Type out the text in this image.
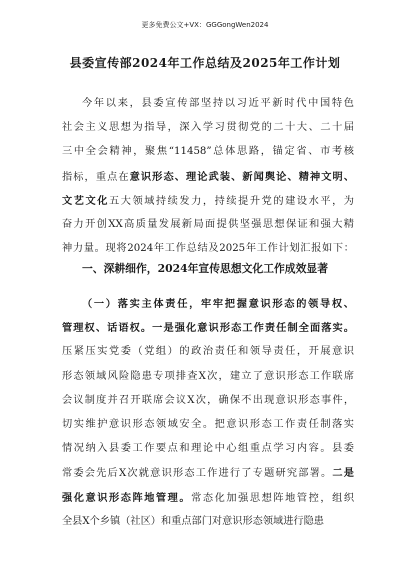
更多免费公文+VX：GGGongWen2024
县委宣传部2024年工作总结及2025年工作计划
今年以来，县委宣传部坚持以习近平新时代中国特色
社会主义思想为指导，深入学习贯彻党的二十大、二十届
三中全会精神，聚焦“11458”总体思路，锚定省、市考核
指标，重点在意识形态、理论武装、新闻舆论、精神文明、
文艺文化五大领域持续发力，持续提升党的建设水平，为
奋力开创XX高质量发展新局面提供坚强思想保证和强大精
神力量。现将2024年工作总结及2025年工作计划汇报如下：
一、深耕细作，2024年宣传思想文化工作成效显著
（一）落实主体责任，牢牢把握意识形态的领导权、
管理权、话语权。一是强化意识形态工作责任制全面落实。
压紧压实党委（党组）的政治责任和领导责任，开展意识
形态领域风险隐患专项排查X次，建立了意识形态工作联席
会议制度并召开联席会议X次，确保不出现意识形态事件，
切实维护意识形态领域安全。把意识形态工作责任制落实
情况纳入县委工作要点和理论中心组重点学习内容。县委
常委会先后X次就意识形态工作进行了专题研究部署。二是
强化意识形态阵地管理。常态化加强思想阵地管控，组织
全县X个乡镇（社区）和重点部门对意识形态领域进行隐患
